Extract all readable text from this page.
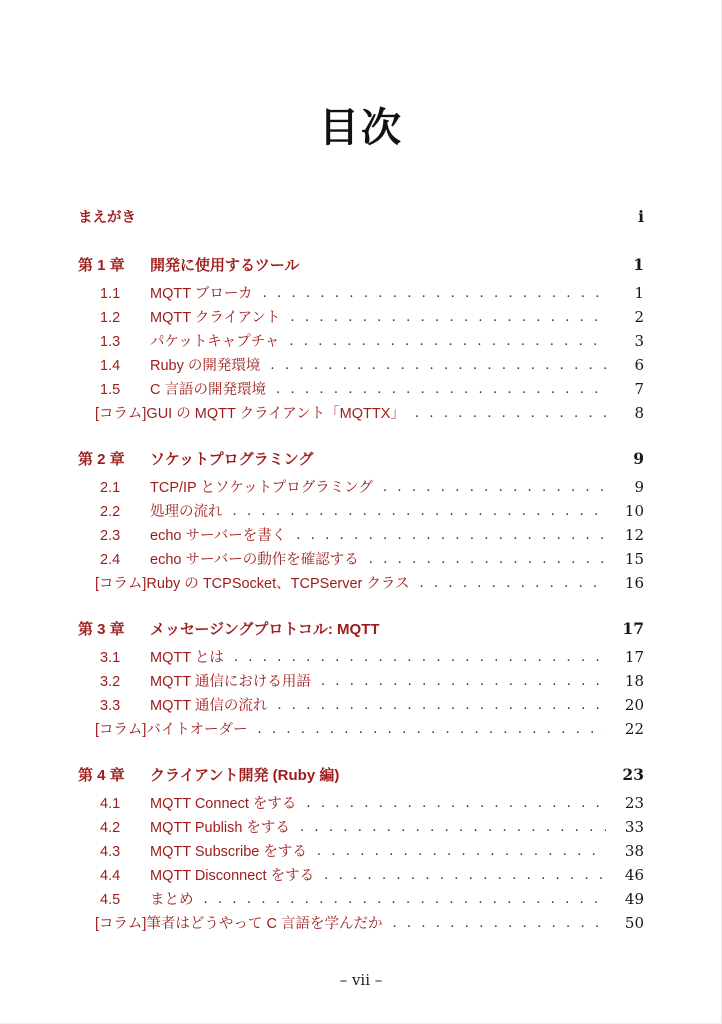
目次
まえがき	i
第 1 章	開発に使用するツール	1
1.1	MQTT ブローカ . . .	1
1.2	MQTT クライアント . . .	2
1.3	パケットキャプチャ . . .	3
1.4	Ruby の開発環境 . . .	6
1.5	C 言語の開発環境 . . .	7
[コラム]GUI の MQTT クライアント「MQTTX」 . . .	8
第 2 章	ソケットプログラミング	9
2.1	TCP/IP とソケットプログラミング . . .	9
2.2	処理の流れ . . .	10
2.3	echo サーバーを書く . . .	12
2.4	echo サーバーの動作を確認する . . .	15
[コラム]Ruby の TCPSocket、TCPServer クラス . . .	16
第 3 章	メッセージングプロトコル: MQTT	17
3.1	MQTT とは . . .	17
3.2	MQTT 通信における用語 . . .	18
3.3	MQTT 通信の流れ . . .	20
[コラム]バイトオーダー . . .	22
第 4 章	クライアント開発 (Ruby 編)	23
4.1	MQTT Connect をする . . .	23
4.2	MQTT Publish をする . . .	33
4.3	MQTT Subscribe をする . . .	38
4.4	MQTT Disconnect をする . . .	46
4.5	まとめ . . .	49
[コラム]筆者はどうやって C 言語を学んだか . . .	50
– vii –
